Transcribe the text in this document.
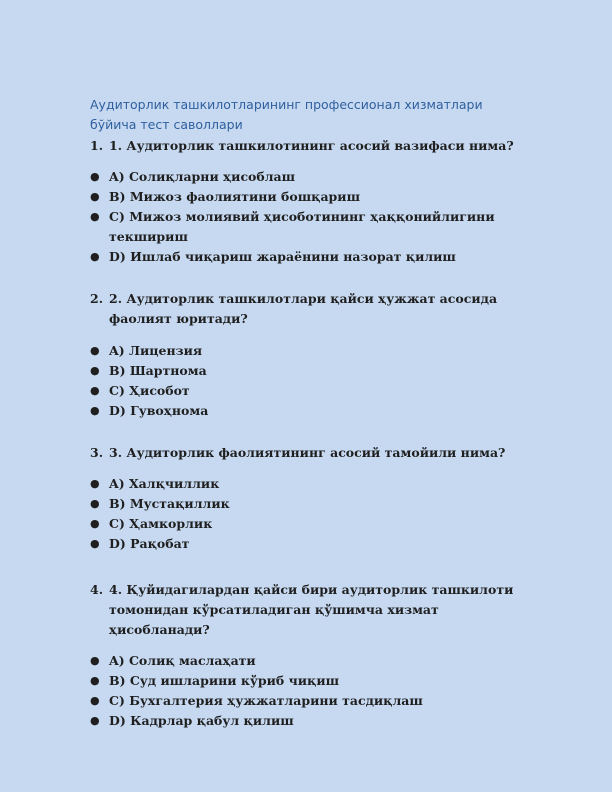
Аудиторлик ташкилотларининг профессионал хизматлари бўйича тест саволлари
1. 1. Аудиторлик ташкилотининг асосий вазифаси нима?
● A) Солиқларни ҳисоблаш
● B) Мижоз фаолиятини бошқариш
● C) Мижоз молиявий ҳисоботининг ҳаққонийлигини текшириш
● D) Ишлаб чиқариш жараёнини назорат қилиш
2. 2. Аудиторлик ташкилотлари қайси ҳужжат асосида фаолият юритади?
● A) Лицензия
● B) Шартнома
● C) Ҳисобот
● D) Гувоҳнома
3. 3. Аудиторлик фаолиятининг асосий тамойили нима?
● A) Халқчиллик
● B) Мустақиллик
● C) Ҳамкорлик
● D) Рақобат
4. 4. Қуйидагилардан қайси бири аудиторлик ташкилоти томонидан кўрсатиладиган қўшимча хизмат ҳисобланади?
● A) Солиқ маслаҳати
● B) Суд ишларини кўриб чиқиш
● C) Бухгалтерия ҳужжатларини тасдиқлаш
● D) Кадрлар қабул қилиш
